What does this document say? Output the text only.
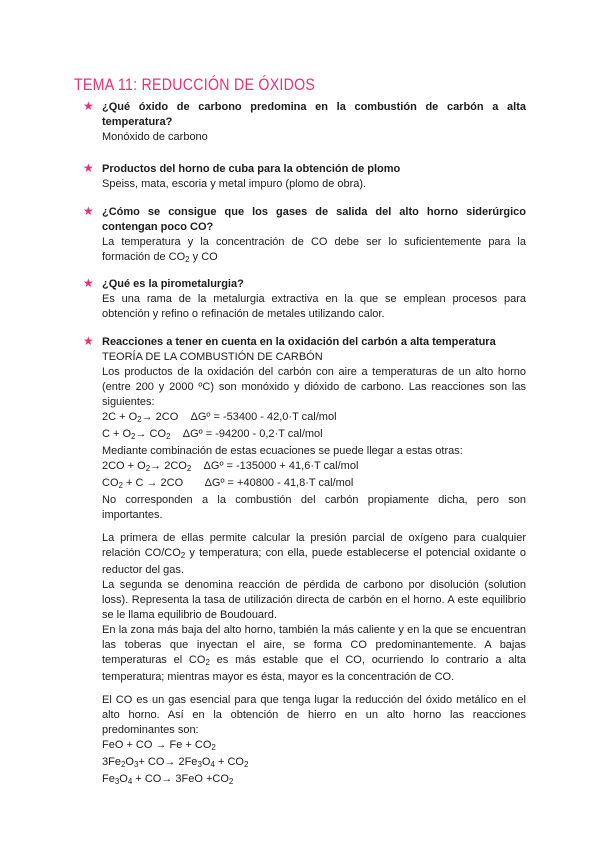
TEMA 11: REDUCCIÓN DE ÓXIDOS
★ ¿Qué óxido de carbono predomina en la combustión de carbón a alta temperatura?
Monóxido de carbono
★ Productos del horno de cuba para la obtención de plomo
Speiss, mata, escoria y metal impuro (plomo de obra).
★ ¿Cómo se consigue que los gases de salida del alto horno siderúrgico contengan poco CO?
La temperatura y la concentración de CO debe ser lo suficientemente para la
formación de $CO_2$ y CO
★ ¿Qué es la pirometalurgia?
Es una rama de la metalurgia extractiva en la que se emplean procesos para obtención y refino o refinación de metales utilizando calor.
★ Reacciones a tener en cuenta en la oxidación del carbón a alta temperatura
TEORÍA DE LA COMBUSTIÓN DE CARBÓN
Los productos de la oxidación del carbón con aire a temperaturas de un alto horno (entre 200 y 2000 ºC) son monóxido y dióxido de carbono. Las reacciones son las siguientes:
$2C + O_2\to 2CO$ ΔGº = -53400 - 42,0·T cal/mol
$C + O_2\to CO_2$ ΔGº = -94200 - 0,2·T cal/mol
Mediante combinación de estas ecuaciones se puede llegar a estas otras:
$2CO + O_2\to 2CO_2$ ΔGº = -135000 + 41,6·T cal/mol
$CO_2 + C \to 2CO$ ΔGº = +40800 - 41,8·T cal/mol
No corresponden a la combustión del carbón propiamente dicha, pero son importantes.
La primera de ellas permite calcular la presión parcial de oxígeno para cualquier relación $CO/CO_2$ y temperatura; con ella, puede establecerse el potencial oxidante o reductor del gas.
La segunda se denomina reacción de pérdida de carbono por disolución (solution loss). Representa la tasa de utilización directa de carbón en el horno. A este equilibrio se le llama equilibrio de Boudouard.
En la zona más baja del alto horno, también la más caliente y en la que se encuentran las toberas que inyectan el aire, se forma CO predominantemente. A bajas temperaturas el $CO_2$ es más estable que el CO, ocurriendo lo contrario a alta temperatura; mientras mayor es ésta, mayor es la concentración de CO.
El CO es un gas esencial para que tenga lugar la reducción del óxido metálico en el alto horno. Así en la obtención de hierro en un alto horno las reacciones predominantes son:
FeO + CO → $Fe + CO_2$
$3Fe_2O_3+ CO\to 2Fe_3O_4 + CO_2$
$Fe_3O_4 + CO\to 3FeO +CO_2$
